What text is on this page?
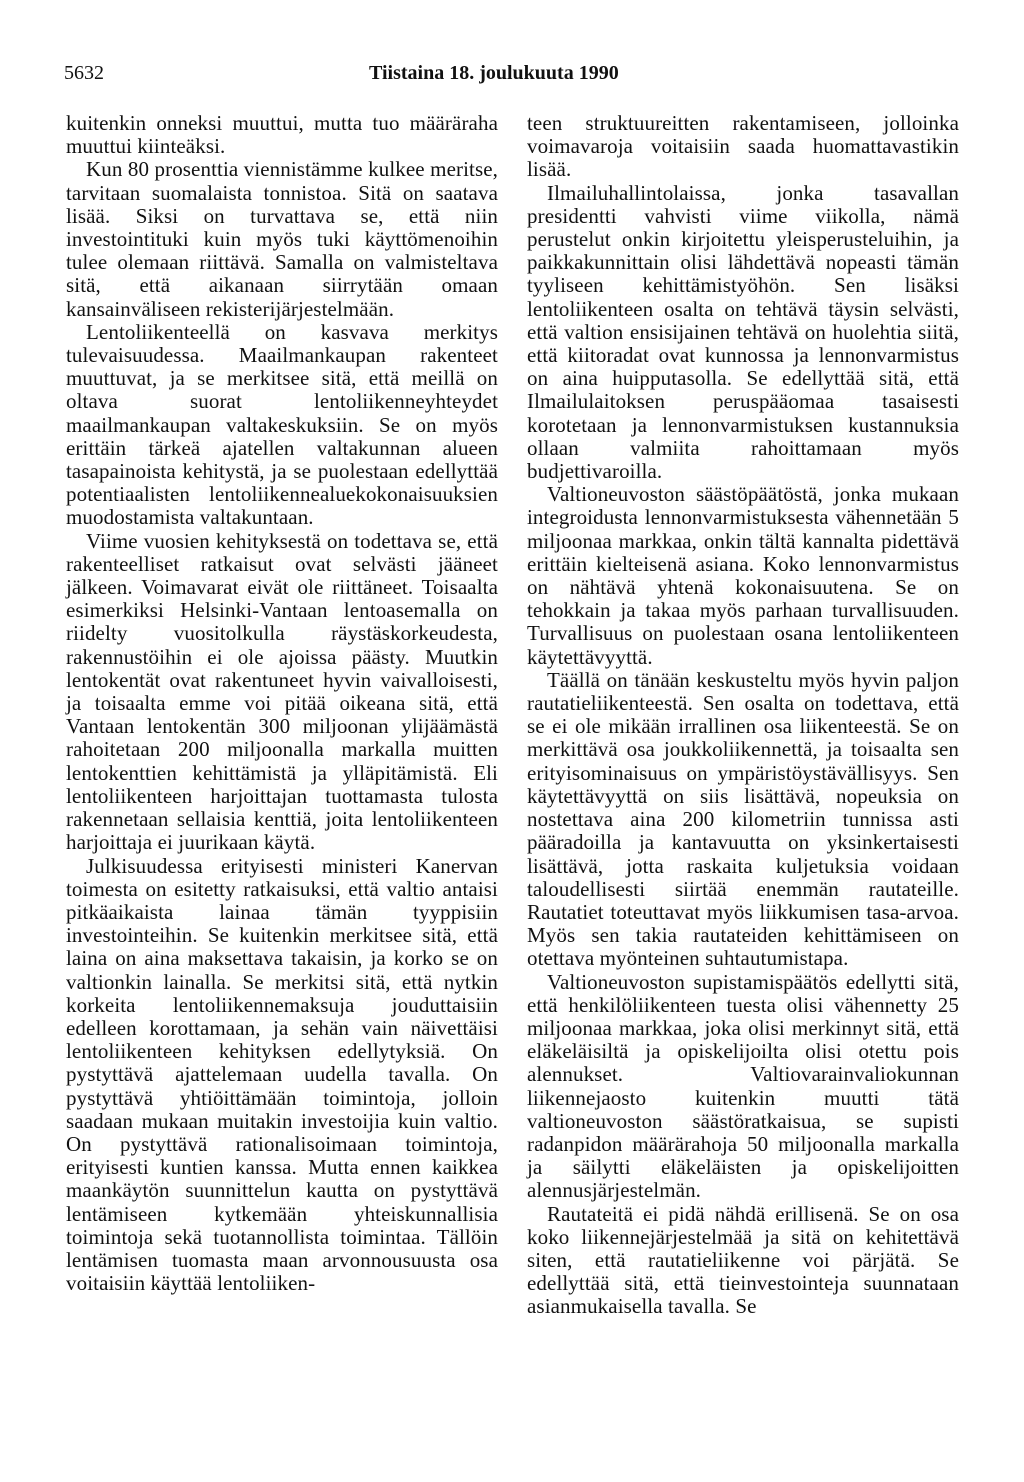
5632	Tiistaina 18. joulukuuta 1990

kuitenkin onneksi muuttui, mutta tuo määräraha muuttui kiinteäksi.

Kun 80 prosenttia viennistämme kulkee meritse, tarvitaan suomalaista tonnistoa. Sitä on saatava lisää. Siksi on turvattava se, että niin investointituki kuin myös tuki käyttömenoihin tulee olemaan riittävä. Samalla on valmisteltava sitä, että aikanaan siirrytään omaan kansainväliseen rekisterijärjestelmään.

Lentoliikenteellä on kasvava merkitys tulevaisuudessa. Maailmankaupan rakenteet muuttuvat, ja se merkitsee sitä, että meillä on oltava suorat lentoliikenneyhteydet maailmankaupan valtakeskuksiin. Se on myös erittäin tärkeä ajatellen valtakunnan alueen tasapainoista kehitystä, ja se puolestaan edellyttää potentiaalisten lentoliikennealuekokonaisuuksien muodostamista valtakuntaan.

Viime vuosien kehityksestä on todettava se, että rakenteelliset ratkaisut ovat selvästi jääneet jälkeen. Voimavarat eivät ole riittäneet. Toisaalta esimerkiksi Helsinki-Vantaan lentoasemalla on riidelty vuositolkulla räystäskorkeudesta, rakennustöihin ei ole ajoissa päästy. Muutkin lentokentät ovat rakentuneet hyvin vaivalloisesti, ja toisaalta emme voi pitää oikeana sitä, että Vantaan lentokentän 300 miljoonan ylijäämästä rahoitetaan 200 miljoonalla markalla muitten lentokenttien kehittämistä ja ylläpitämistä. Eli lentoliikenteen harjoittajan tuottamasta tulosta rakennetaan sellaisia kenttiä, joita lentoliikenteen harjoittaja ei juurikaan käytä.

Julkisuudessa erityisesti ministeri Kanervan toimesta on esitetty ratkaisuksi, että valtio antaisi pitkäaikaista lainaa tämän tyyppisiin investointeihin. Se kuitenkin merkitsee sitä, että laina on aina maksettava takaisin, ja korko se on valtionkin lainalla. Se merkitsi sitä, että nytkin korkeita lentoliikennemaksuja jouduttaisiin edelleen korottamaan, ja sehän vain näivettäisi lentoliikenteen kehityksen edellytyksiä. On pystyttävä ajattelemaan uudella tavalla. On pystyttävä yhtiöittämään toimintoja, jolloin saadaan mukaan muitakin investoijia kuin valtio. On pystyttävä rationalisoimaan toimintoja, erityisesti kuntien kanssa. Mutta ennen kaikkea maankäytön suunnittelun kautta on pystyttävä lentämiseen kytkemään yhteiskunnallisia toimintoja sekä tuotannollista toimintaa. Tällöin lentämisen tuomasta maan arvonnousuusta osa voitaisiin käyttää lentoliiken-

teen struktuureitten rakentamiseen, jolloinka voimavaroja voitaisiin saada huomattavastikin lisää.

Ilmailuhallintolaissa, jonka tasavallan presidentti vahvisti viime viikolla, nämä perustelut onkin kirjoitettu yleisperusteluihin, ja paikkakunnittain olisi lähdettävä nopeasti tämän tyyliseen kehittämistyöhön. Sen lisäksi lentoliikenteen osalta on tehtävä täysin selvästi, että valtion ensisijainen tehtävä on huolehtia siitä, että kiitoradat ovat kunnossa ja lennonvarmistus on aina huipputasolla. Se edellyttää sitä, että Ilmailulaitoksen peruspääomaa tasaisesti korotetaan ja lennonvarmistuksen kustannuksia ollaan valmiita rahoittamaan myös budjettivaroilla.

Valtioneuvoston säästöpäätöstä, jonka mukaan integroidusta lennonvarmistuksesta vähennetään 5 miljoonaa markkaa, onkin tältä kannalta pidettävä erittäin kielteisenä asiana. Koko lennonvarmistus on nähtävä yhtenä kokonaisuutena. Se on tehokkain ja takaa myös parhaan turvallisuuden. Turvallisuus on puolestaan osana lentoliikenteen käytettävyyttä.

Täällä on tänään keskusteltu myös hyvin paljon rautatieliikenteestä. Sen osalta on todettava, että se ei ole mikään irrallinen osa liikenteestä. Se on merkittävä osa joukkoliikennettä, ja toisaalta sen erityisominaisuus on ympäristöystävällisyys. Sen käytettävyyttä on siis lisättävä, nopeuksia on nostettava aina 200 kilometriin tunnissa asti pääradoilla ja kantavuutta on yksinkertaisesti lisättävä, jotta raskaita kuljetuksia voidaan taloudellisesti siirtää enemmän rautateille. Rautatiet toteuttavat myös liikkumisen tasa-arvoa. Myös sen takia rautateiden kehittämiseen on otettava myönteinen suhtautumistapa.

Valtioneuvoston supistamispäätös edellytti sitä, että henkilöliikenteen tuesta olisi vähennetty 25 miljoonaa markkaa, joka olisi merkinnyt sitä, että eläkeläisiltä ja opiskelijoilta olisi otettu pois alennukset. Valtiovarainvaliokunnan liikennejaosto kuitenkin muutti tätä valtioneuvoston säästöratkaisua, se supisti radanpidon määrärahoja 50 miljoonalla markalla ja säilytti eläkeläisten ja opiskelijoitten alennusjärjestelmän.

Rautateitä ei pidä nähdä erillisenä. Se on osa koko liikennejärjestelmää ja sitä on kehitettävä siten, että rautatieliikenne voi pärjätä. Se edellyttää sitä, että tieinvestointeja suunnataan asianmukaisella tavalla. Se
